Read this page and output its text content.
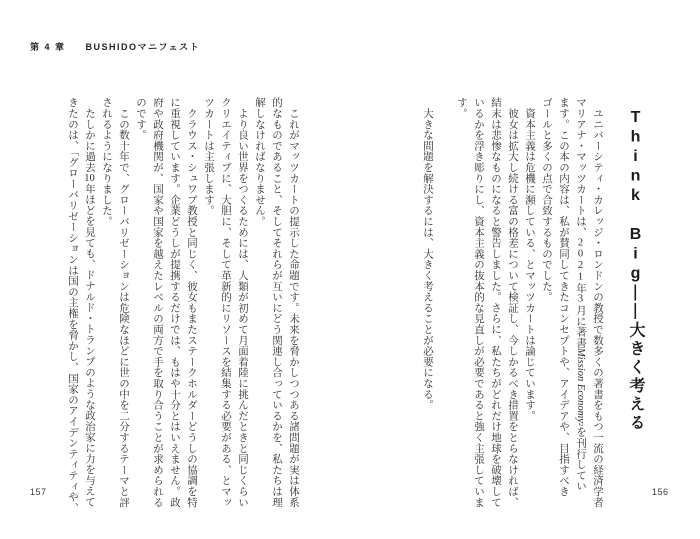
第 4 章 BUSHIDOマニフェスト

Think Big――大きく考える

　ユニバーシティ・カレッジ・ロンドンの教授で数多くの著書をもつ一流の経済学者

マリアナ・マッツカートは、2021年3月に著書Mission Economy2を刊行してい

ます。この本の内容は、私が賛同してきたコンセプトや、アイデアや、目指すべき

ゴールと多くの点で合致するものでした。

　資本主義は危機に瀕している、とマッツカートは論じています。

　彼女は拡大し続ける富の格差について検証し、今しかるべき措置をとらなければ、

結末は悲惨なものになると警告しました。さらに、私たちがどれだけ地球を破壊して

いるかを浮き彫りにし、資本主義の抜本的な見直しが必要であると強く主張していま

す。

　大きな問題を解決するには、大きく考えることが必要になる。

　これがマッツカートの提示した命題です。未来を脅かしつつある諸問題が実は体系

的なものであること、そしてそれらが互いにどう関連し合っているかを、私たちは理

解しなければなりません。

　より良い世界をつくるためには、人類が初めて月面着陸に挑んだときと同じくらい

クリエイティブに、大胆に、そして革新的にリソースを結集する必要がある、とマッ

ツカートは主張します。

　クラウス・シュワブ教授と同じく、彼女もまたステークホルダーどうしの協調を特

に重視しています。企業どうしが提携するだけでは、もはや十分とはいえません。政

府や政府機関が、国家や国家を越えたレベルの両方で手を取り合うことが求められる

のです。

　この数十年で、グローバリゼーションは危険なほどに世の中を二分するテーマと評

されるようになりました。

　たしかに過去10年ほどを見ても、ドナルド・トランプのような政治家に力を与えて

きたのは、「グローバリゼーションは国の主権を脅かし、国家のアイデンティティや、

157	156
